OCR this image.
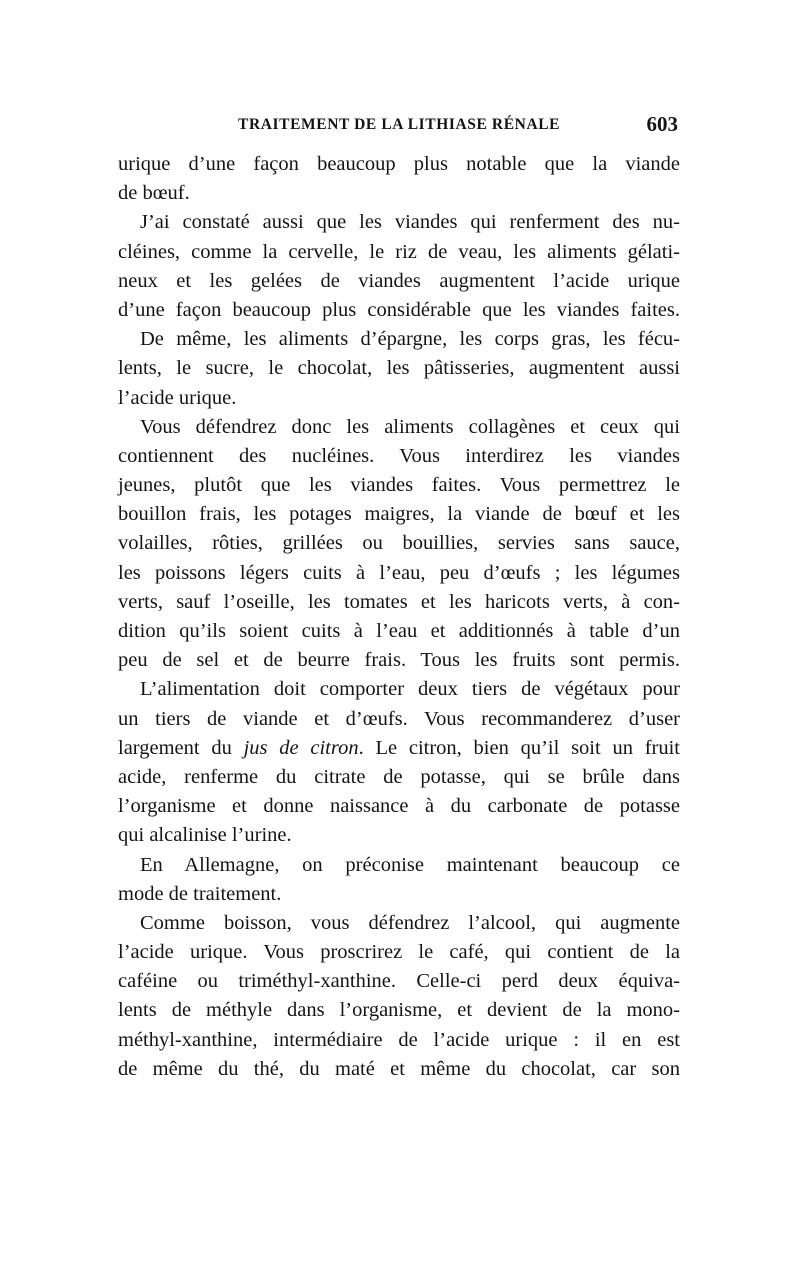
TRAITEMENT DE LA LITHIASE RÉNALE	603
urique d’une façon beaucoup plus notable que la viande
de bœuf.
J’ai constaté aussi que les viandes qui renferment des nu-
cléines, comme la cervelle, le riz de veau, les aliments gélati-
neux et les gelées de viandes augmentent l’acide urique
d’une façon beaucoup plus considérable que les viandes faites.
De même, les aliments d’épargne, les corps gras, les fécu-
lents, le sucre, le chocolat, les pâtisseries, augmentent aussi
l’acide urique.
Vous défendrez donc les aliments collagènes et ceux qui
contiennent des nucléines. Vous interdirez les viandes
jeunes, plutôt que les viandes faites. Vous permettrez le
bouillon frais, les potages maigres, la viande de bœuf et les
volailles, rôties, grillées ou bouillies, servies sans sauce,
les poissons légers cuits à l’eau, peu d’œufs ; les légumes
verts, sauf l’oseille, les tomates et les haricots verts, à con-
dition qu’ils soient cuits à l’eau et additionnés à table d’un
peu de sel et de beurre frais. Tous les fruits sont permis.
L’alimentation doit comporter deux tiers de végétaux pour
un tiers de viande et d’œufs. Vous recommanderez d’user
largement du jus de citron. Le citron, bien qu’il soit un fruit
acide, renferme du citrate de potasse, qui se brûle dans
l’organisme et donne naissance à du carbonate de potasse
qui alcalinise l’urine.
En Allemagne, on préconise maintenant beaucoup ce
mode de traitement.
Comme boisson, vous défendrez l’alcool, qui augmente
l’acide urique. Vous proscrirez le café, qui contient de la
caféine ou triméthyl-xanthine. Celle-ci perd deux équiva-
lents de méthyle dans l’organisme, et devient de la mono-
méthyl-xanthine, intermédiaire de l’acide urique : il en est
de même du thé, du maté et même du chocolat, car son
